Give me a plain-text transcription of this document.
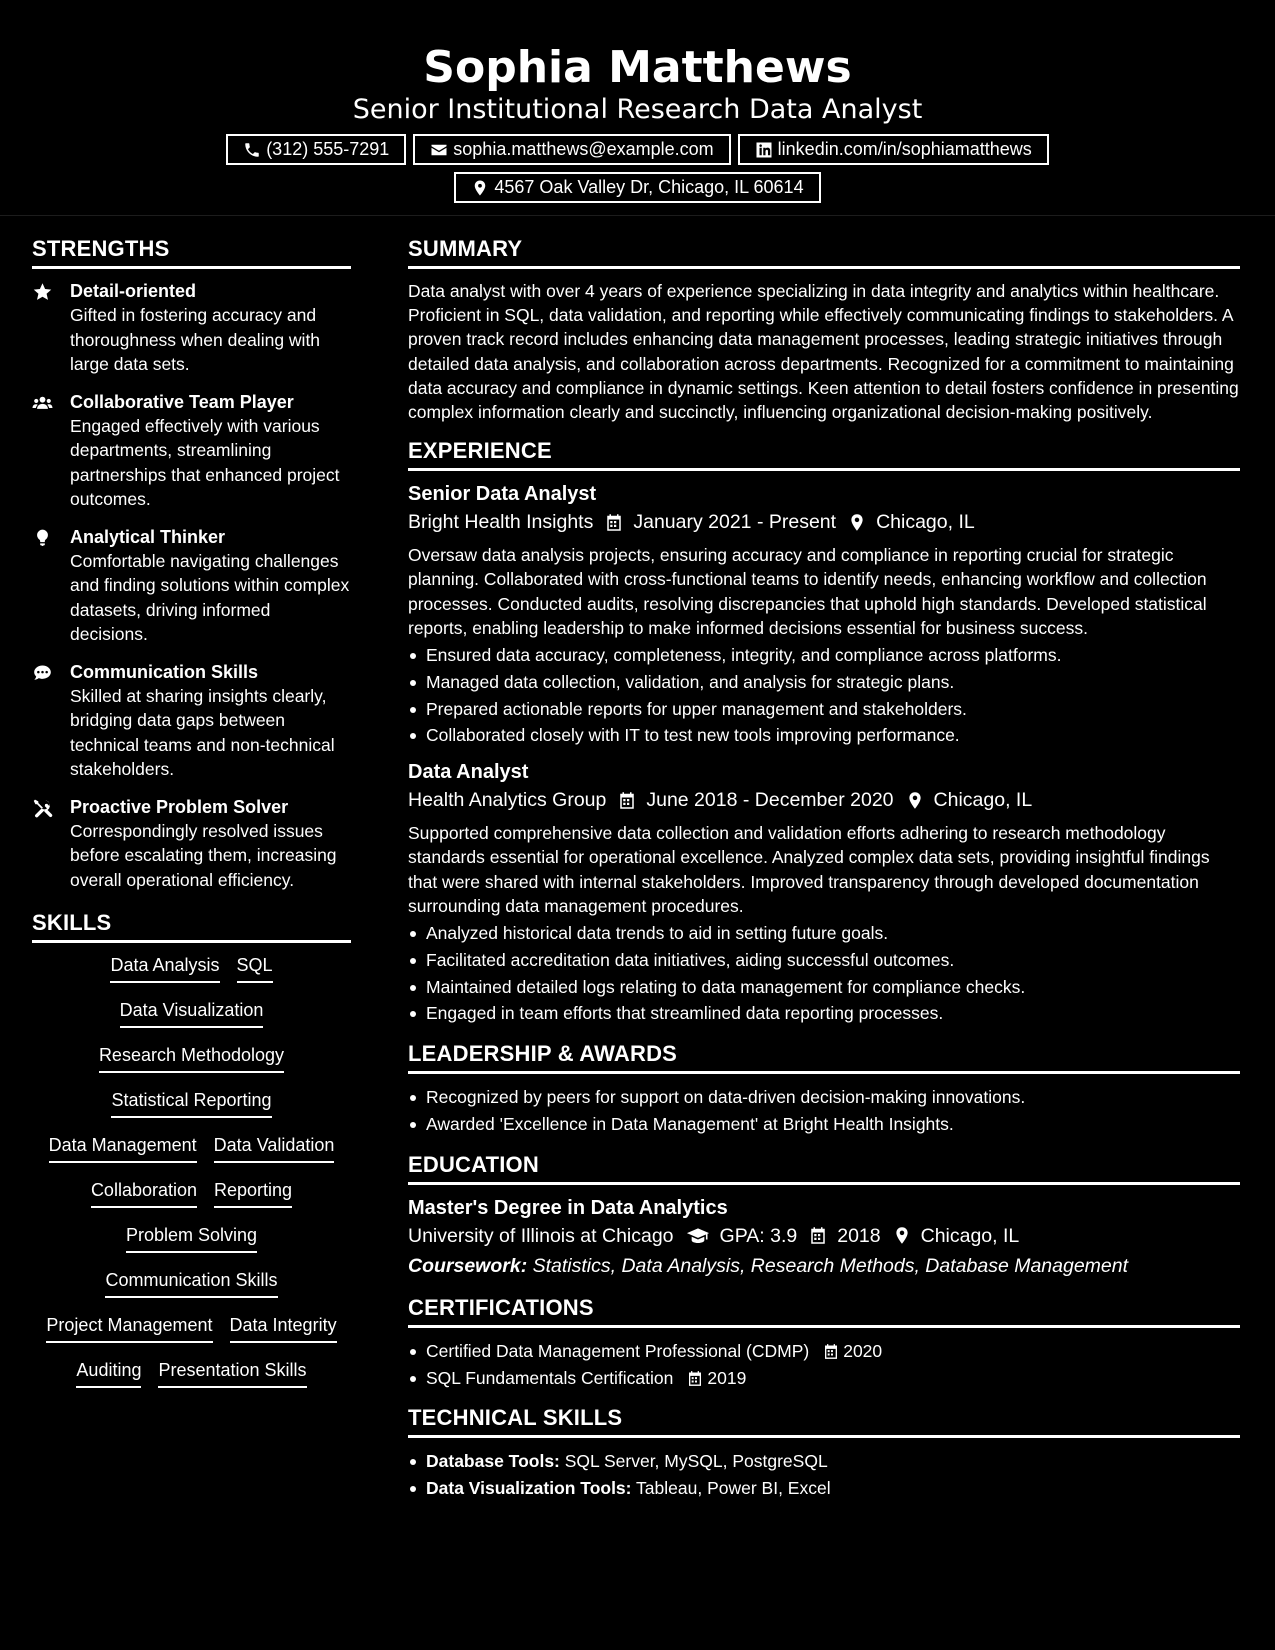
Sophia Matthews
Senior Institutional Research Data Analyst
(312) 555-7291	sophia.matthews@example.com	linkedin.com/in/sophiamatthews
4567 Oak Valley Dr, Chicago, IL 60614
STRENGTHS
Detail-oriented
Gifted in fostering accuracy and thoroughness when dealing with large data sets.
Collaborative Team Player
Engaged effectively with various departments, streamlining partnerships that enhanced project outcomes.
Analytical Thinker
Comfortable navigating challenges and finding solutions within complex datasets, driving informed decisions.
Communication Skills
Skilled at sharing insights clearly, bridging data gaps between technical teams and non-technical stakeholders.
Proactive Problem Solver
Correspondingly resolved issues before escalating them, increasing overall operational efficiency.
SKILLS
Data Analysis SQL
Data Visualization
Research Methodology
Statistical Reporting
Data Management Data Validation
Collaboration Reporting
Problem Solving
Communication Skills
Project Management Data Integrity
Auditing Presentation Skills
SUMMARY
Data analyst with over 4 years of experience specializing in data integrity and analytics within healthcare. Proficient in SQL, data validation, and reporting while effectively communicating findings to stakeholders. A proven track record includes enhancing data management processes, leading strategic initiatives through detailed data analysis, and collaboration across departments. Recognized for a commitment to maintaining data accuracy and compliance in dynamic settings. Keen attention to detail fosters confidence in presenting complex information clearly and succinctly, influencing organizational decision-making positively.
EXPERIENCE
Senior Data Analyst
Bright Health Insights January 2021 - Present Chicago, IL
Oversaw data analysis projects, ensuring accuracy and compliance in reporting crucial for strategic planning. Collaborated with cross-functional teams to identify needs, enhancing workflow and collection processes. Conducted audits, resolving discrepancies that uphold high standards. Developed statistical reports, enabling leadership to make informed decisions essential for business success.
Ensured data accuracy, completeness, integrity, and compliance across platforms.
Managed data collection, validation, and analysis for strategic plans.
Prepared actionable reports for upper management and stakeholders.
Collaborated closely with IT to test new tools improving performance.
Data Analyst
Health Analytics Group June 2018 - December 2020 Chicago, IL
Supported comprehensive data collection and validation efforts adhering to research methodology standards essential for operational excellence. Analyzed complex data sets, providing insightful findings that were shared with internal stakeholders. Improved transparency through developed documentation surrounding data management procedures.
Analyzed historical data trends to aid in setting future goals.
Facilitated accreditation data initiatives, aiding successful outcomes.
Maintained detailed logs relating to data management for compliance checks.
Engaged in team efforts that streamlined data reporting processes.
LEADERSHIP & AWARDS
Recognized by peers for support on data-driven decision-making innovations.
Awarded 'Excellence in Data Management' at Bright Health Insights.
EDUCATION
Master's Degree in Data Analytics
University of Illinois at Chicago GPA: 3.9 2018 Chicago, IL
Coursework: Statistics, Data Analysis, Research Methods, Database Management
CERTIFICATIONS
Certified Data Management Professional (CDMP) 2020
SQL Fundamentals Certification 2019
TECHNICAL SKILLS
Database Tools: SQL Server, MySQL, PostgreSQL
Data Visualization Tools: Tableau, Power BI, Excel
